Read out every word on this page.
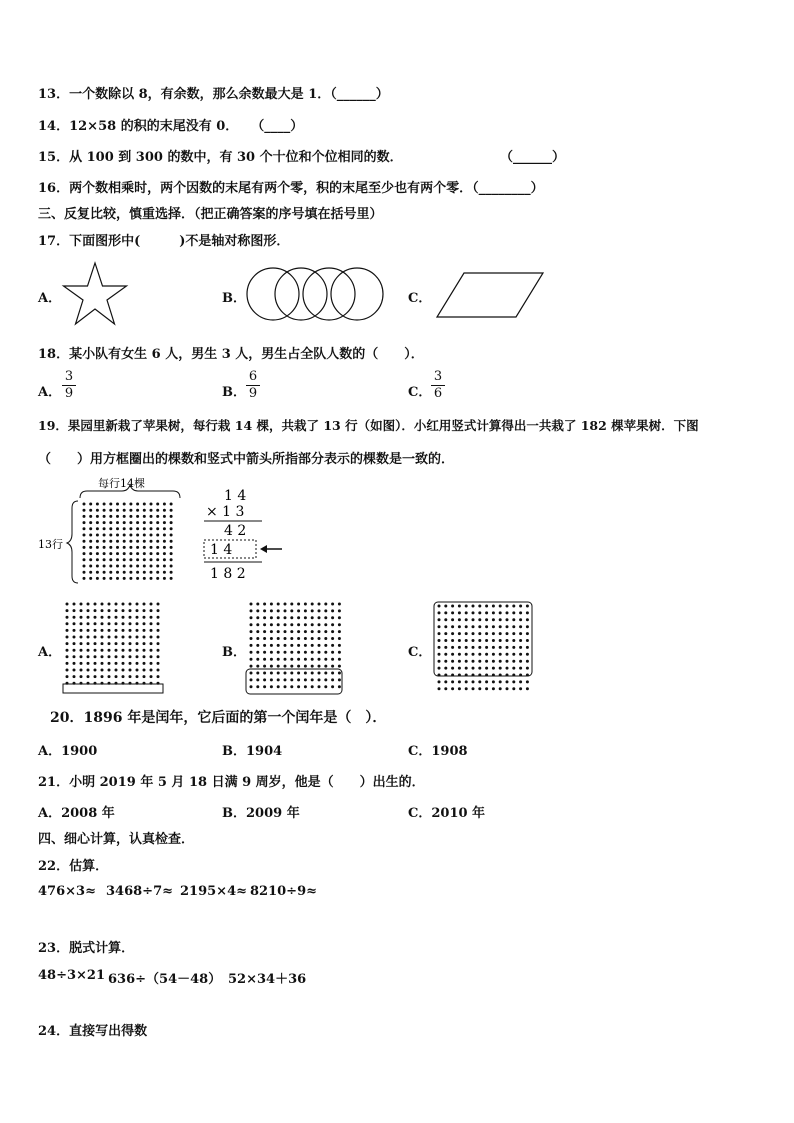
13．一个数除以 8，有余数，那么余数最大是 1．（______）
14．12×58 的积的末尾没有 0．　　（____）
15．从 100 到 300 的数中，有 30 个十位和个位相同的数．	（______）
16．两个数相乘时，两个因数的末尾有两个零，积的末尾至少也有两个零．（________）
三、反复比较，慎重选择．（把正确答案的序号填在括号里）
17．下面图形中(　　　)不是轴对称图形．
A．	B．	C．
18．某小队有女生 6 人，男生 3 人，男生占全队人数的（　　）．
A．
3
9	B．
6
9	C．
3
6
19．果园里新栽了苹果树，每行栽 14 棵，共栽了 13 行（如图）．小红用竖式计算得出一共栽了 182 棵苹果树．下图
（　　）用方框圈出的棵数和竖式中箭头所指部分表示的棵数是一致的．
每行14棵
13行
1 4
× 1 3
4 2
1 4
1 8 2
A．	B．	C．
20．1896 年是闰年，它后面的第一个闰年是（　）．
A．1900	B．1904	C．1908
21．小明 2019 年 5 月 18 日满 9 周岁，他是（　　）出生的．
A．2008 年	B．2009 年	C．2010 年
四、细心计算，认真检查．
22．估算．
476×3≈ 3468÷7≈ 2195×4≈ 8210÷9≈
23．脱式计算．
48÷3×21 636÷（54－48） 52×34＋36
24．直接写出得数
